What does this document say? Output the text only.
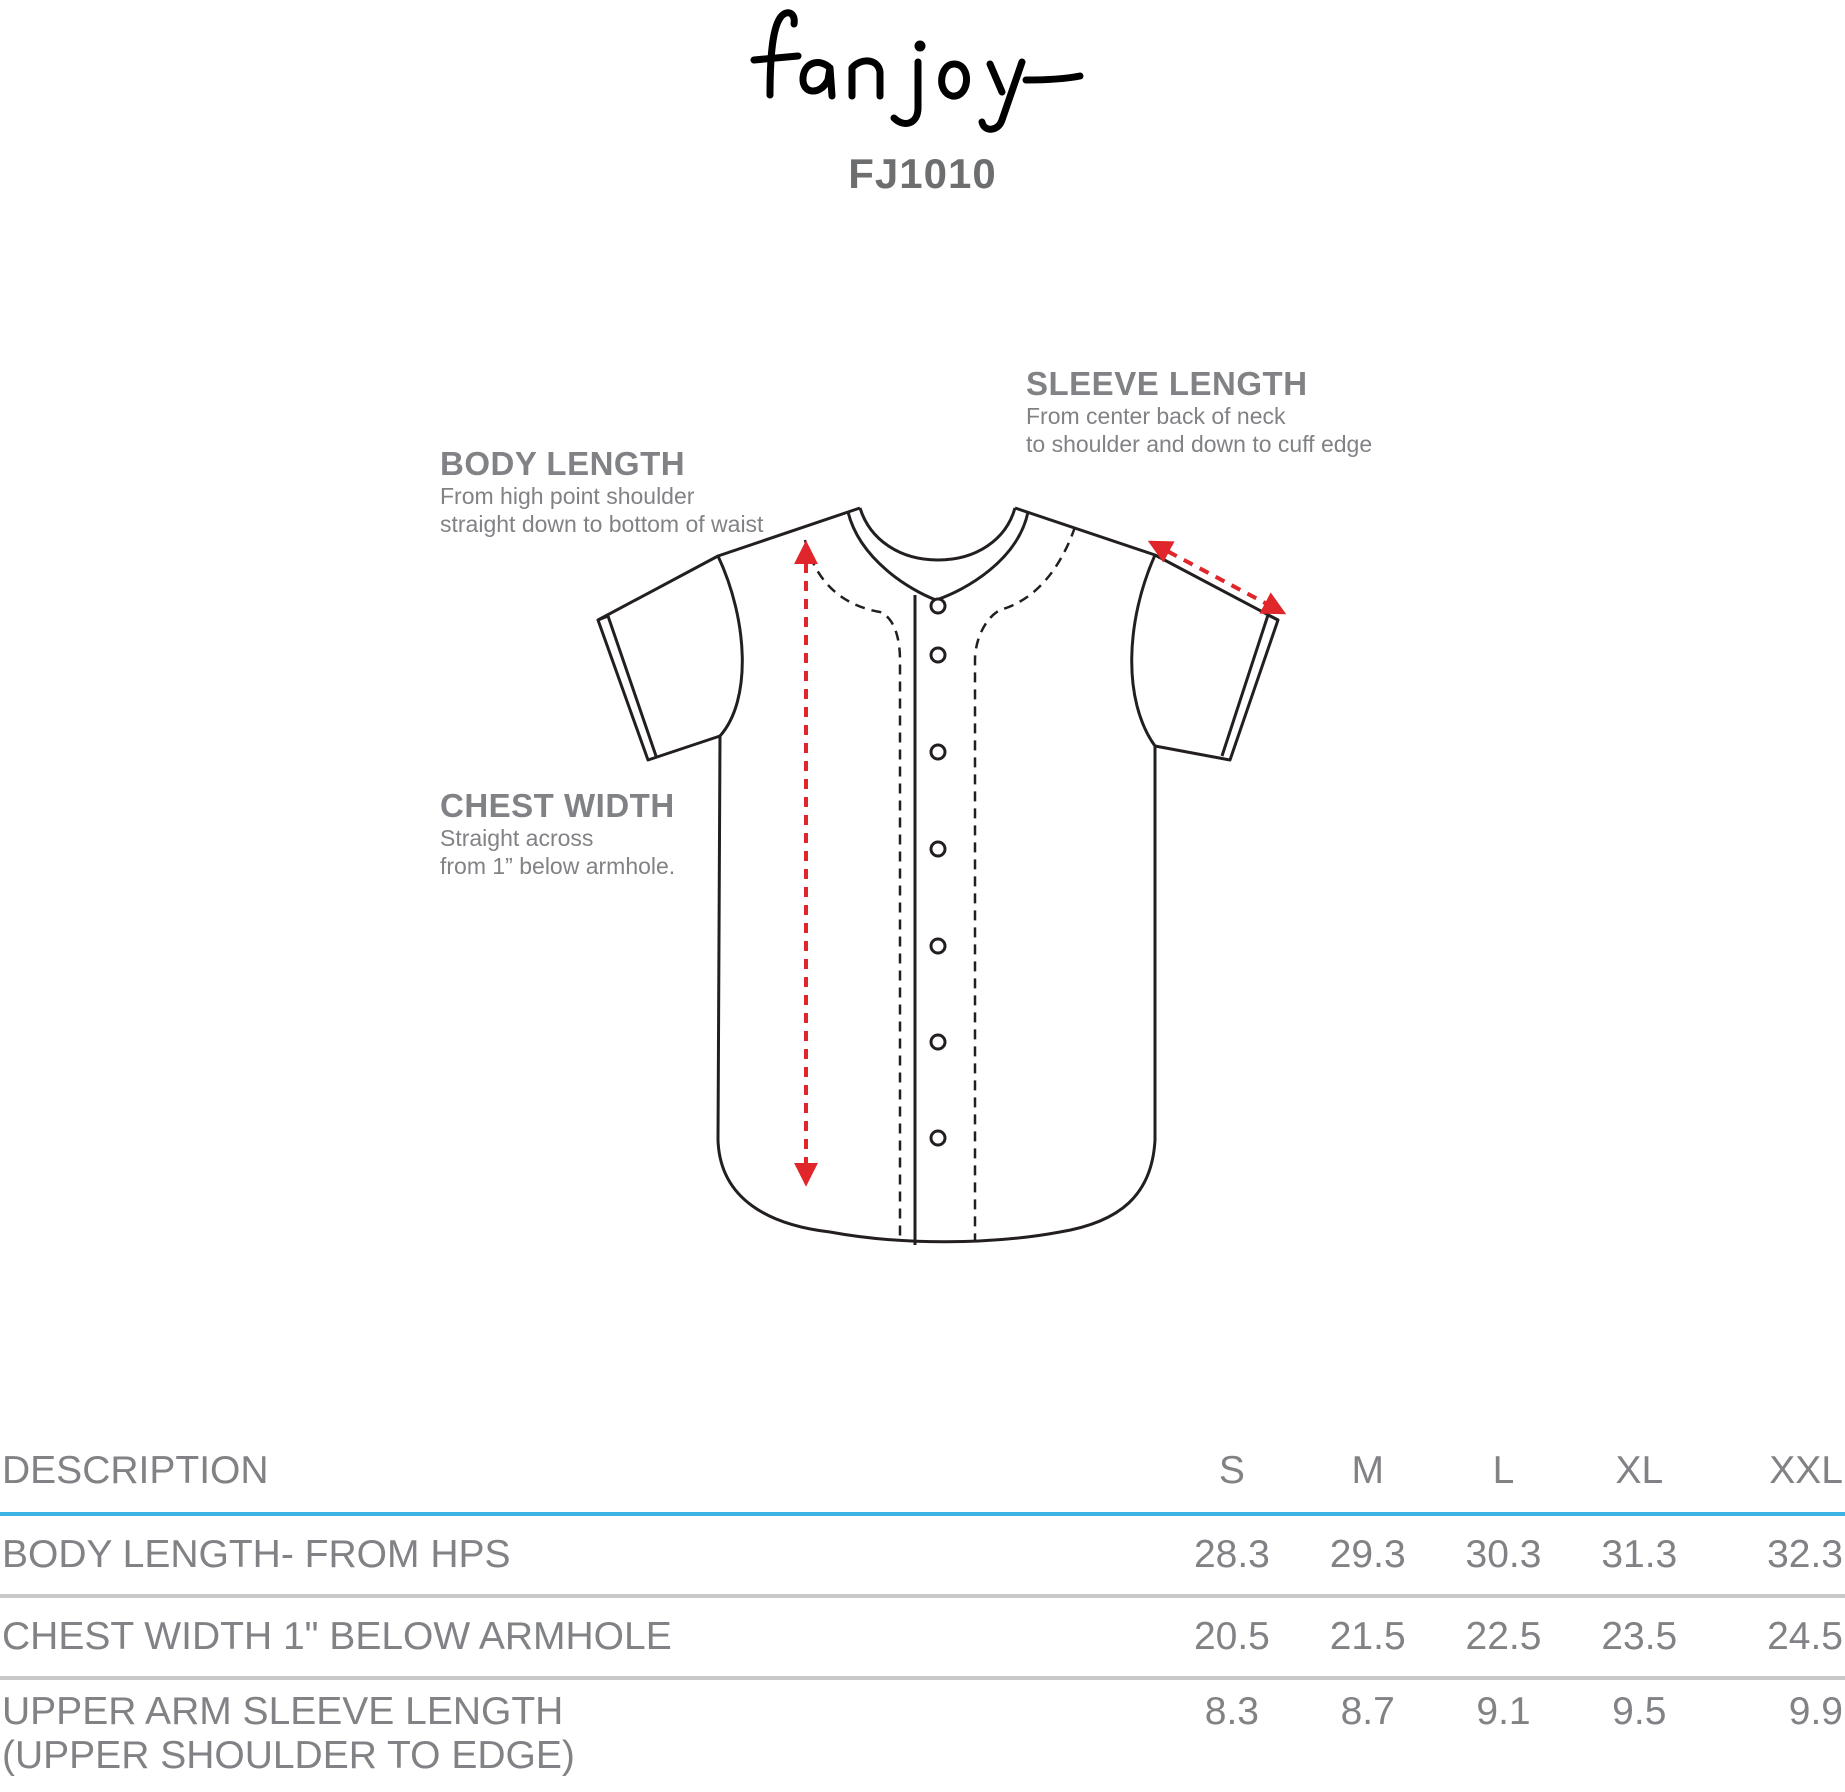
FJ1010
SLEEVE LENGTH
From center back of neck
to shoulder and down to cuff edge
BODY LENGTH
From high point shoulder
straight down to bottom of waist
CHEST WIDTH
Straight across
from 1” below armhole.
DESCRIPTION	S	M	L	XL	XXL
BODY LENGTH- FROM HPS	28.3	29.3	30.3	31.3	32.3
CHEST WIDTH 1" BELOW ARMHOLE	20.5	21.5	22.5	23.5	24.5

UPPER ARM SLEEVE LENGTH
(UPPER SHOULDER TO EDGE)	8.3	8.7	9.1	9.5	9.9
